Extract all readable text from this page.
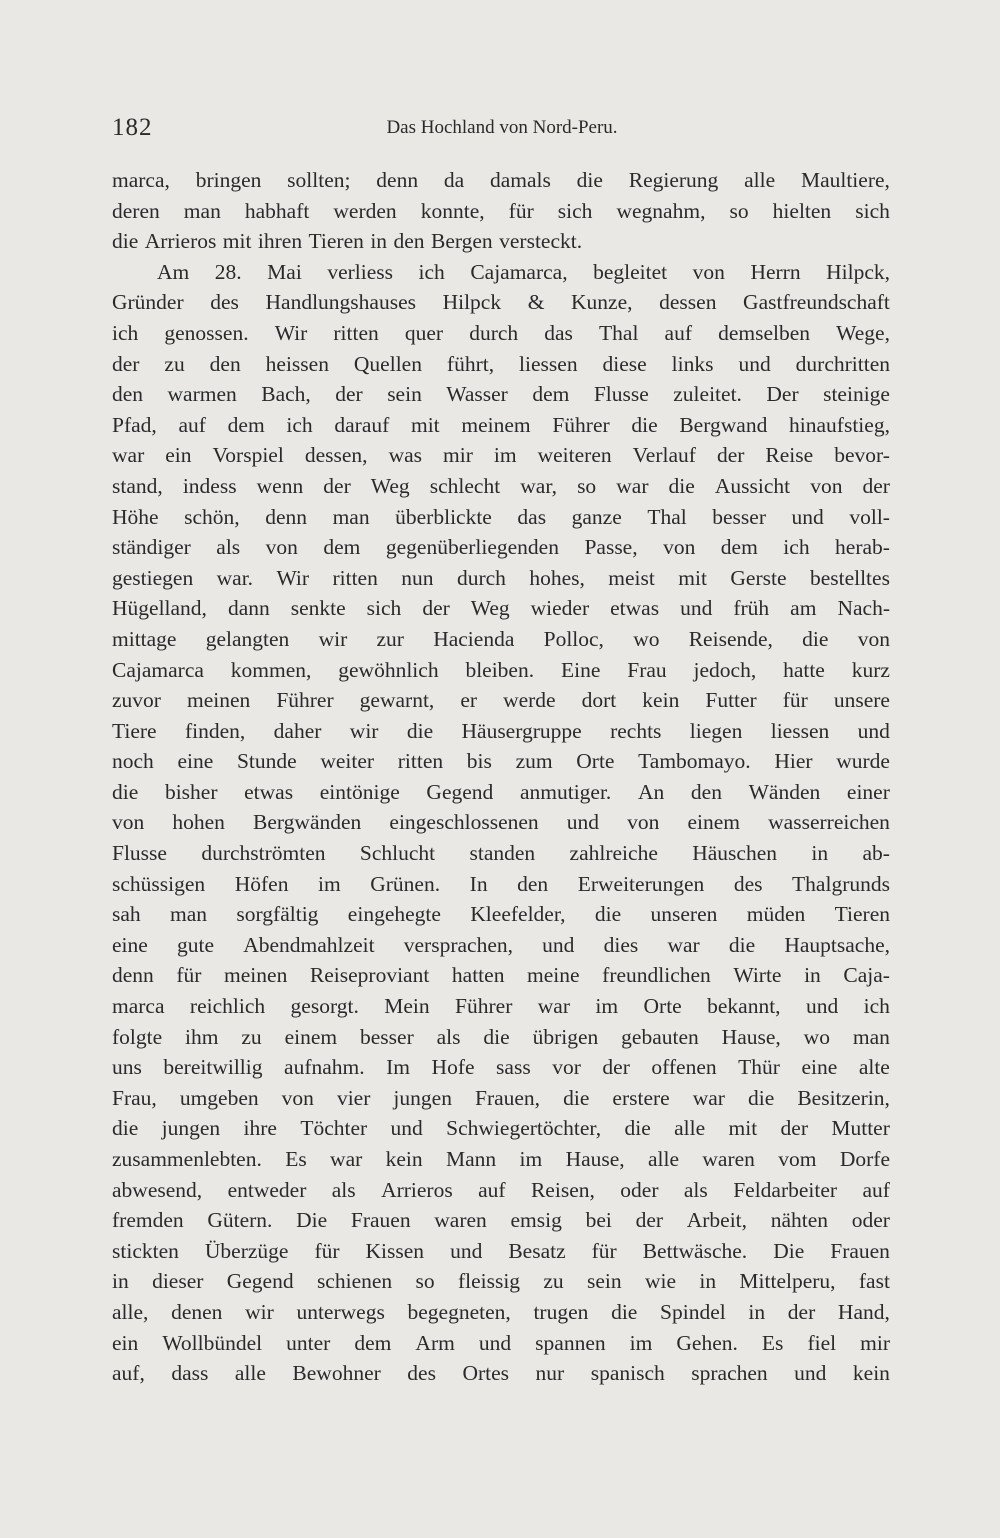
182	Das Hochland von Nord-Peru.
marca, bringen sollten; denn da damals die Regierung alle Maultiere,
deren man habhaft werden konnte, für sich wegnahm, so hielten sich
die Arrieros mit ihren Tieren in den Bergen versteckt.
Am 28. Mai verliess ich Cajamarca, begleitet von Herrn Hilpck,
Gründer des Handlungshauses Hilpck & Kunze, dessen Gastfreundschaft
ich genossen. Wir ritten quer durch das Thal auf demselben Wege,
der zu den heissen Quellen führt, liessen diese links und durchritten
den warmen Bach, der sein Wasser dem Flusse zuleitet. Der steinige
Pfad, auf dem ich darauf mit meinem Führer die Bergwand hinaufstieg,
war ein Vorspiel dessen, was mir im weiteren Verlauf der Reise bevor-
stand, indess wenn der Weg schlecht war, so war die Aussicht von der
Höhe schön, denn man überblickte das ganze Thal besser und voll-
ständiger als von dem gegenüberliegenden Passe, von dem ich herab-
gestiegen war. Wir ritten nun durch hohes, meist mit Gerste bestelltes
Hügelland, dann senkte sich der Weg wieder etwas und früh am Nach-
mittage gelangten wir zur Hacienda Polloc, wo Reisende, die von
Cajamarca kommen, gewöhnlich bleiben. Eine Frau jedoch, hatte kurz
zuvor meinen Führer gewarnt, er werde dort kein Futter für unsere
Tiere finden, daher wir die Häusergruppe rechts liegen liessen und
noch eine Stunde weiter ritten bis zum Orte Tambomayo. Hier wurde
die bisher etwas eintönige Gegend anmutiger. An den Wänden einer
von hohen Bergwänden eingeschlossenen und von einem wasserreichen
Flusse durchströmten Schlucht standen zahlreiche Häuschen in ab-
schüssigen Höfen im Grünen. In den Erweiterungen des Thalgrunds
sah man sorgfältig eingehegte Kleefelder, die unseren müden Tieren
eine gute Abendmahlzeit versprachen, und dies war die Hauptsache,
denn für meinen Reiseproviant hatten meine freundlichen Wirte in Caja-
marca reichlich gesorgt. Mein Führer war im Orte bekannt, und ich
folgte ihm zu einem besser als die übrigen gebauten Hause, wo man
uns bereitwillig aufnahm. Im Hofe sass vor der offenen Thür eine alte
Frau, umgeben von vier jungen Frauen, die erstere war die Besitzerin,
die jungen ihre Töchter und Schwiegertöchter, die alle mit der Mutter
zusammenlebten. Es war kein Mann im Hause, alle waren vom Dorfe
abwesend, entweder als Arrieros auf Reisen, oder als Feldarbeiter auf
fremden Gütern. Die Frauen waren emsig bei der Arbeit, nähten oder
stickten Überzüge für Kissen und Besatz für Bettwäsche. Die Frauen
in dieser Gegend schienen so fleissig zu sein wie in Mittelperu, fast
alle, denen wir unterwegs begegneten, trugen die Spindel in der Hand,
ein Wollbündel unter dem Arm und spannen im Gehen. Es fiel mir
auf, dass alle Bewohner des Ortes nur spanisch sprachen und kein
